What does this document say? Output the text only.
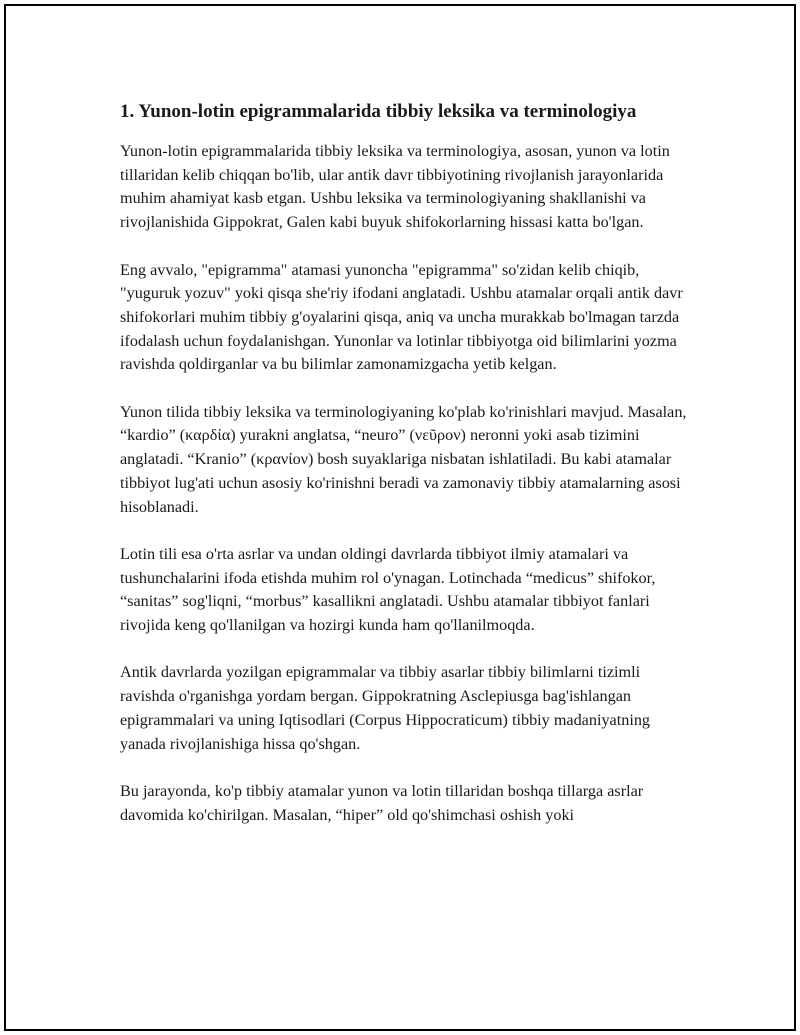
1. Yunon-lotin epigrammalarida tibbiy leksika va terminologiya

Yunon-lotin epigrammalarida tibbiy leksika va terminologiya, asosan, yunon va lotin tillaridan kelib chiqqan bo'lib, ular antik davr tibbiyotining rivojlanish jarayonlarida muhim ahamiyat kasb etgan. Ushbu leksika va terminologiyaning shakllanishi va rivojlanishida Gippokrat, Galen kabi buyuk shifokorlarning hissasi katta bo'lgan.

Eng avvalo, "epigramma" atamasi yunoncha "epigramma" so'zidan kelib chiqib, "yuguruk yozuv" yoki qisqa she'riy ifodani anglatadi. Ushbu atamalar orqali antik davr shifokorlari muhim tibbiy g'oyalarini qisqa, aniq va uncha murakkab bo'lmagan tarzda ifodalash uchun foydalanishgan. Yunonlar va lotinlar tibbiyotga oid bilimlarini yozma ravishda qoldirganlar va bu bilimlar zamonamizgacha yetib kelgan.

Yunon tilida tibbiy leksika va terminologiyaning ko'plab ko'rinishlari mavjud. Masalan, “kardio” (καρδία) yurakni anglatsa, “neuro” (νεῦρον) neronni yoki asab tizimini anglatadi. “Kranio” (κρανίον) bosh suyaklariga nisbatan ishlatiladi. Bu kabi atamalar tibbiyot lug'ati uchun asosiy ko'rinishni beradi va zamonaviy tibbiy atamalarning asosi hisoblanadi.

Lotin tili esa o'rta asrlar va undan oldingi davrlarda tibbiyot ilmiy atamalari va tushunchalarini ifoda etishda muhim rol o'ynagan. Lotinchada “medicus” shifokor, “sanitas” sog'liqni, “morbus” kasallikni anglatadi. Ushbu atamalar tibbiyot fanlari rivojida keng qo'llanilgan va hozirgi kunda ham qo'llanilmoqda.

Antik davrlarda yozilgan epigrammalar va tibbiy asarlar tibbiy bilimlarni tizimli ravishda o'rganishga yordam bergan. Gippokratning Asclepiusga bag'ishlangan epigrammalari va uning Iqtisodlari (Corpus Hippocraticum) tibbiy madaniyatning yanada rivojlanishiga hissa qo'shgan.

Bu jarayonda, ko'p tibbiy atamalar yunon va lotin tillaridan boshqa tillarga asrlar davomida ko'chirilgan. Masalan, “hiper” old qo'shimchasi oshish yoki
